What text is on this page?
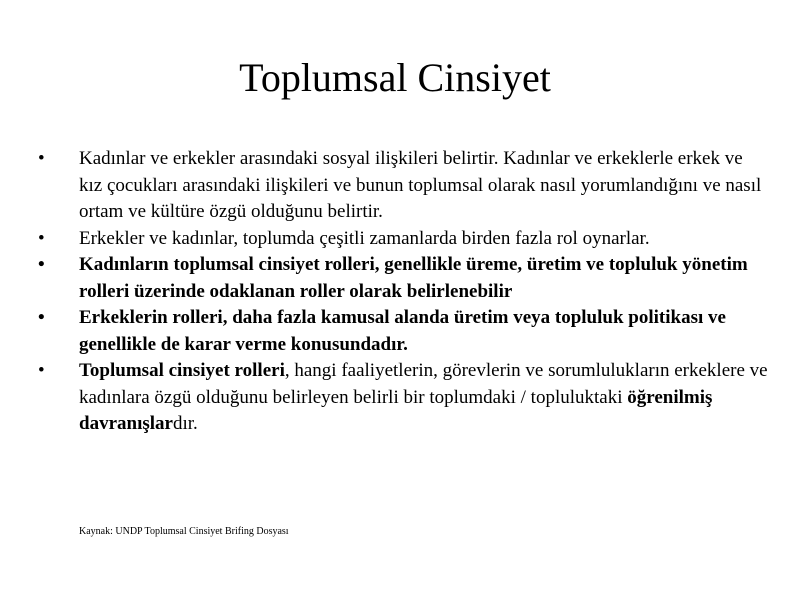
Toplumsal Cinsiyet
•	Kadınlar ve erkekler arasındaki sosyal ilişkileri belirtir. Kadınlar ve erkeklerle erkek ve kız çocukları arasındaki ilişkileri ve bunun toplumsal olarak nasıl yorumlandığını ve nasıl ortam ve kültüre özgü olduğunu belirtir.
•	Erkekler ve kadınlar, toplumda çeşitli zamanlarda birden fazla rol oynarlar.
•	Kadınların toplumsal cinsiyet rolleri, genellikle üreme, üretim ve topluluk yönetim rolleri üzerinde odaklanan roller olarak belirlenebilir
•	Erkeklerin rolleri, daha fazla kamusal alanda üretim veya topluluk politikası ve genellikle de karar verme konusundadır.
•	Toplumsal cinsiyet rolleri, hangi faaliyetlerin, görevlerin ve sorumlulukların erkeklere ve kadınlara özgü olduğunu belirleyen belirli bir toplumdaki / topluluktaki öğrenilmiş davranışlardır.
Kaynak: UNDP Toplumsal Cinsiyet Brifing Dosyası
